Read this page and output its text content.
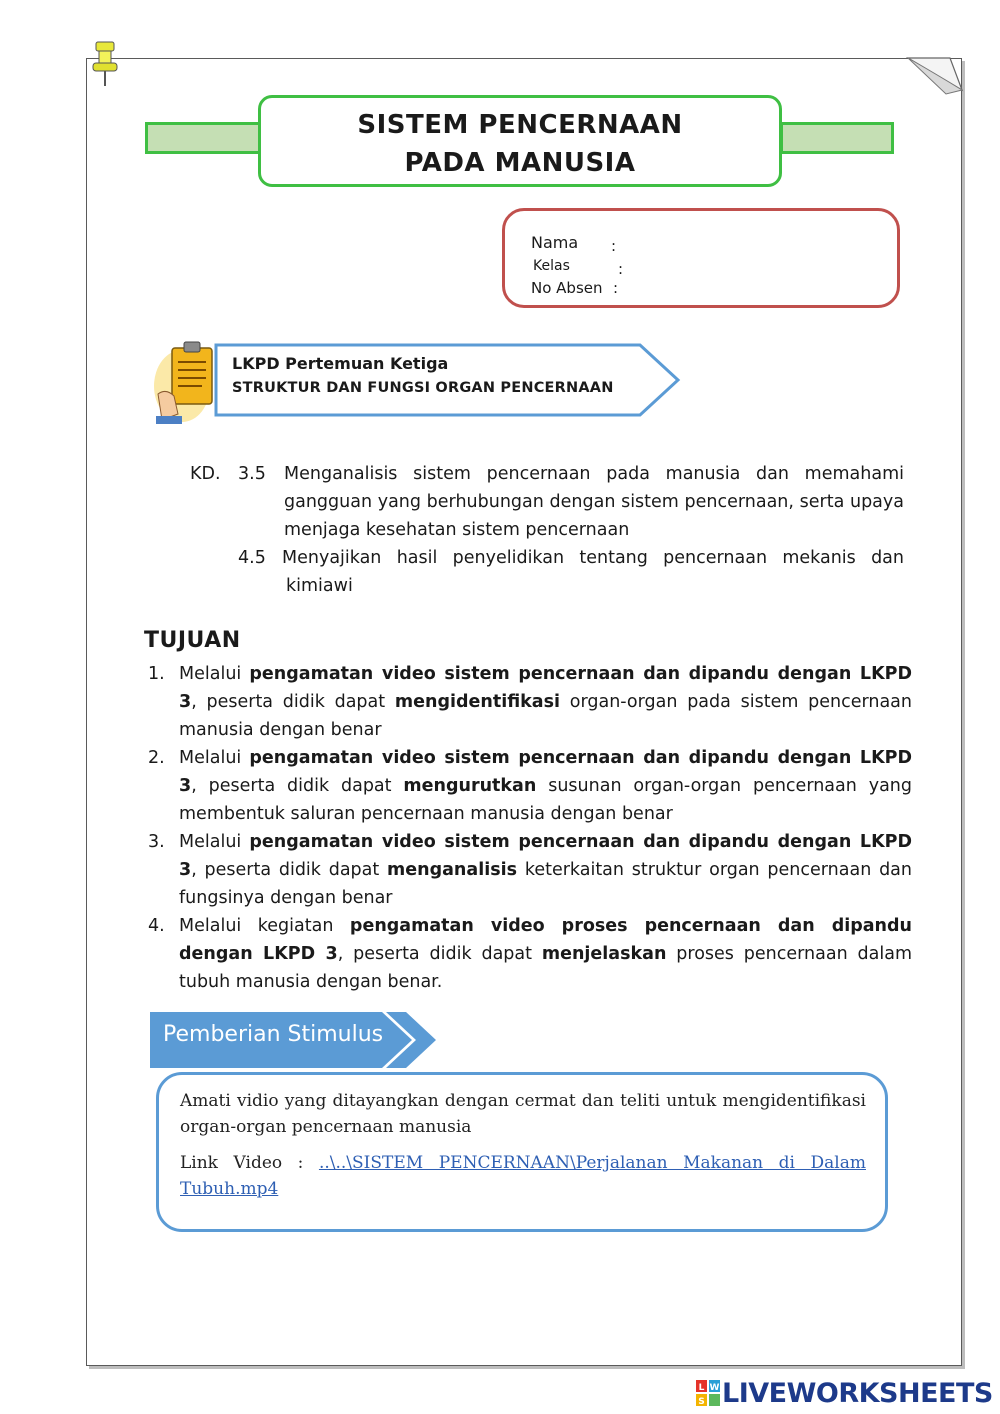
SISTEM PENCERNAAN
PADA MANUSIA
Nama :
Kelas	:
No Absen :
LKPD Pertemuan Ketiga
STRUKTUR DAN FUNGSI ORGAN PENCERNAAN
KD. 3.5 Menganalisis sistem pencernaan pada manusia dan memahami
gangguan yang berhubungan dengan sistem pencernaan, serta upaya
menjaga kesehatan sistem pencernaan
4.5 Menyajikan hasil penyelidikan tentang pencernaan mekanis dan
kimiawi
TUJUAN
1. Melalui pengamatan video sistem pencernaan dan dipandu dengan LKPD 3, peserta didik dapat mengidentifikasi organ-organ pada sistem pencernaan manusia dengan benar
2. Melalui pengamatan video sistem pencernaan dan dipandu dengan LKPD 3, peserta didik dapat mengurutkan susunan organ-organ pencernaan yang membentuk saluran pencernaan manusia dengan benar
3. Melalui pengamatan video sistem pencernaan dan dipandu dengan LKPD 3, peserta didik dapat menganalisis keterkaitan struktur organ pencernaan dan fungsinya dengan benar
4. Melalui kegiatan pengamatan video proses pencernaan dan dipandu dengan LKPD 3, peserta didik dapat menjelaskan proses pencernaan dalam tubuh manusia dengan benar.
Pemberian Stimulus
Amati vidio yang ditayangkan dengan cermat dan teliti untuk mengidentifikasi organ-organ pencernaan manusia
Link Video : ..\..\SISTEM PENCERNAAN\Perjalanan Makanan di Dalam
Tubuh.mp4
L W
S LIVEWORKSHEETS
